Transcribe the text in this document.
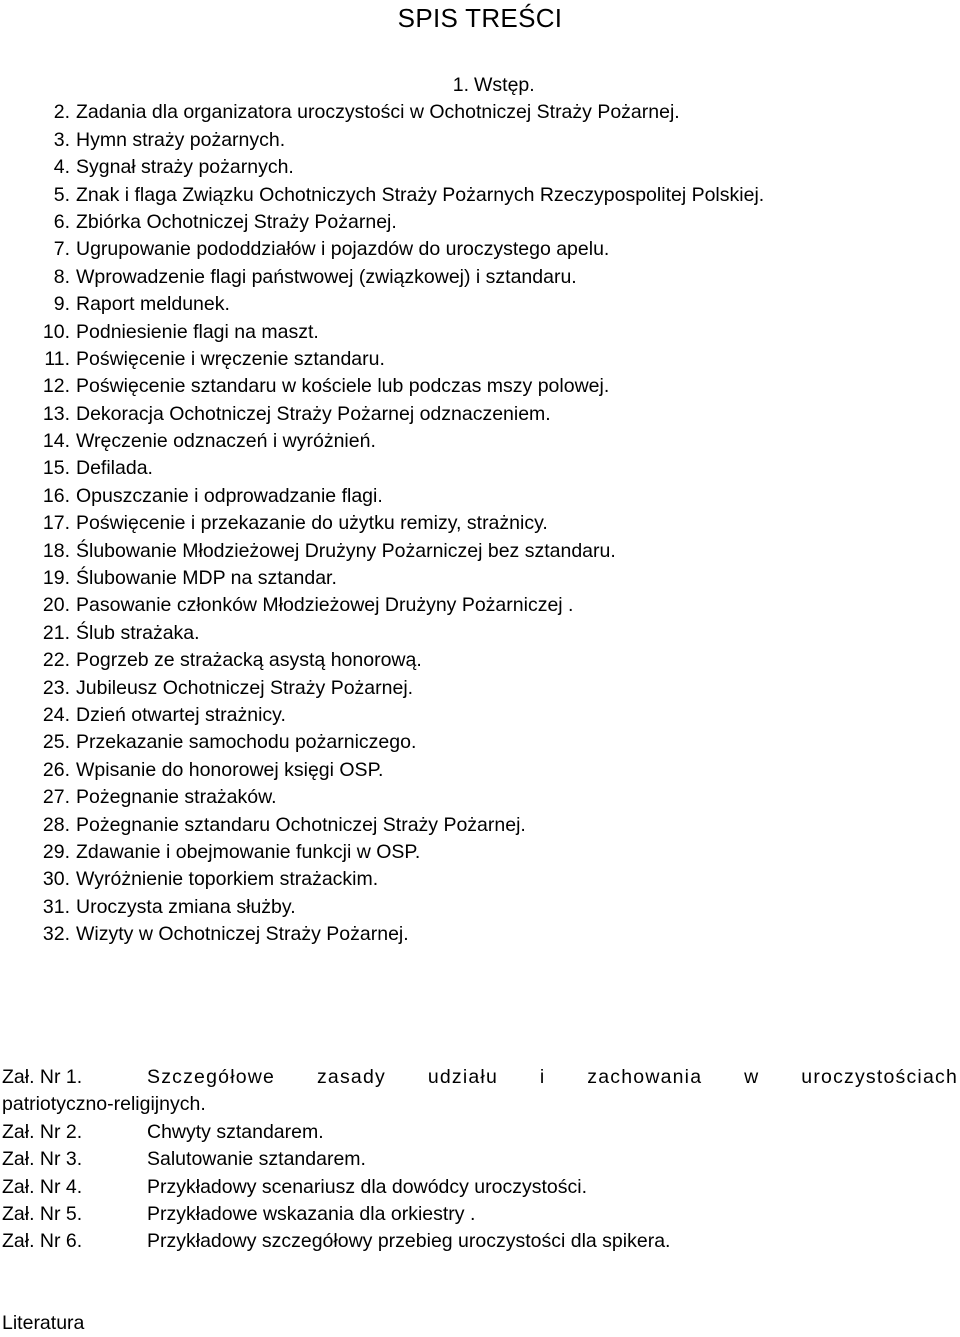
SPIS TREŚCI
1. Wstęp.
2. Zadania dla organizatora uroczystości w Ochotniczej Straży Pożarnej.
3. Hymn straży pożarnych.
4. Sygnał straży pożarnych.
5. Znak i flaga Związku Ochotniczych Straży Pożarnych Rzeczypospolitej Polskiej.
6. Zbiórka Ochotniczej Straży Pożarnej.
7. Ugrupowanie pododdziałów i pojazdów do uroczystego apelu.
8. Wprowadzenie flagi państwowej (związkowej) i sztandaru.
9. Raport meldunek.
10. Podniesienie flagi na maszt.
11. Poświęcenie i wręczenie sztandaru.
12. Poświęcenie sztandaru w kościele lub podczas mszy polowej.
13. Dekoracja Ochotniczej Straży Pożarnej odznaczeniem.
14. Wręczenie odznaczeń i wyróżnień.
15. Defilada.
16. Opuszczanie i odprowadzanie flagi.
17. Poświęcenie i przekazanie do użytku remizy, strażnicy.
18. Ślubowanie Młodzieżowej Drużyny Pożarniczej bez sztandaru.
19. Ślubowanie MDP na sztandar.
20. Pasowanie członków Młodzieżowej Drużyny Pożarniczej .
21. Ślub strażaka.
22. Pogrzeb ze strażacką asystą honorową.
23. Jubileusz Ochotniczej Straży Pożarnej.
24. Dzień otwartej strażnicy.
25. Przekazanie samochodu pożarniczego.
26. Wpisanie do honorowej księgi OSP.
27. Pożegnanie strażaków.
28. Pożegnanie sztandaru Ochotniczej Straży Pożarnej.
29. Zdawanie i obejmowanie funkcji w OSP.
30. Wyróżnienie toporkiem strażackim.
31. Uroczysta zmiana służby.
32. Wizyty w Ochotniczej Straży Pożarnej.
Zał. Nr 1.	Szczegółowe zasady udziału i zachowania w uroczystościach
patriotyczno-religijnych.
Zał. Nr 2.	Chwyty sztandarem.
Zał. Nr 3.	Salutowanie sztandarem.
Zał. Nr 4.	Przykładowy scenariusz dla dowódcy uroczystości.
Zał. Nr 5.	Przykładowe wskazania dla orkiestry .
Zał. Nr 6.	Przykładowy szczegółowy przebieg uroczystości dla spikera.
Literatura
